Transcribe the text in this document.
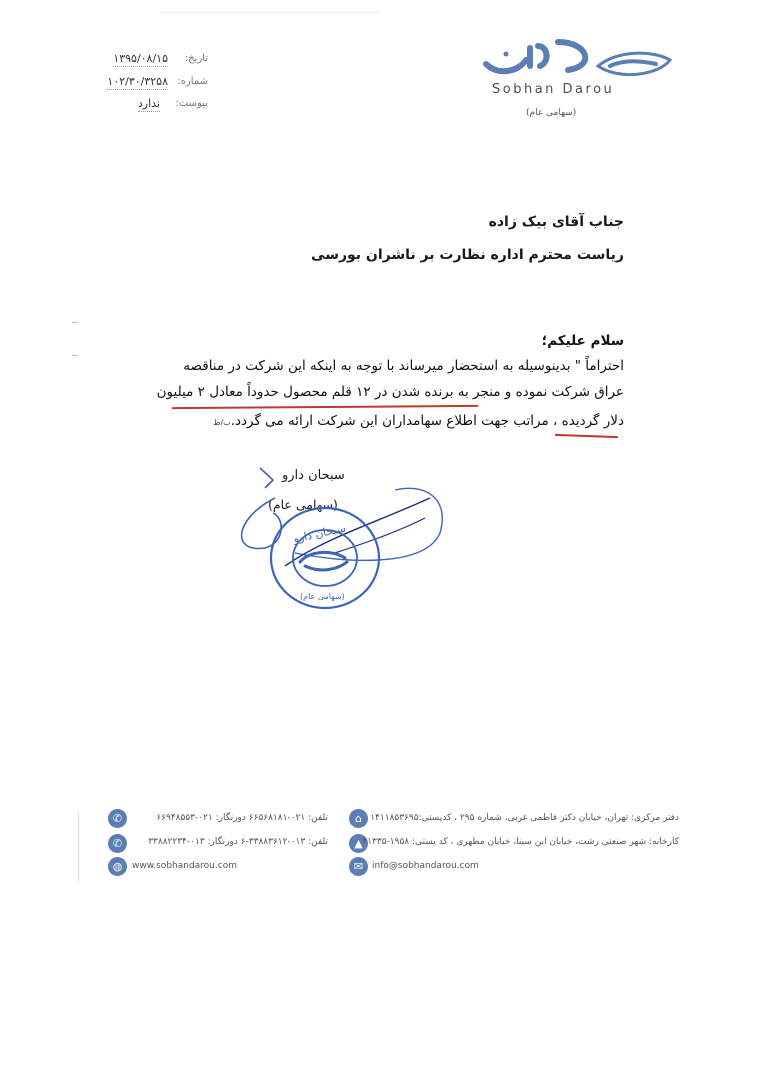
تاریخ:
۱۳۹۵/۰۸/۱۵
شماره:
۱۰۲/۳۰/۳۲۵۸
پیوست:
ندارد
Sobhan Darou
(سهامی عام)
جناب آقای بیک زاده
ریاست محترم اداره نظارت بر ناشران بورسی
سلام علیکم؛
احتراماً " بدینوسیله به استحضار میرساند با توجه به اینکه این شرکت در مناقصه
عراق شرکت نموده و منجر به برنده شدن در ۱۲ قلم محصول حدوداً معادل ۲ میلیون
دلار گردیده ، مراتب جهت اطلاع سهامداران این شرکت ارائه می گردد.ب/ط
سبحان دارو
(سهامی عام)
سبحان دارو
(سهامی عام)
⌂ دفتر مرکزی: تهران، خیابان دکتر فاطمی غربی، شماره ۲۹۵ ، کدپستی:۱۴۱۱۸۵۳۶۹۵
▲ کارخانه: شهر صنعتی رشت، خیابان ابن سینا، خیابان مطهری ، کد پستی: ۱۹۵۸-۴۱۳۳۵
✉ info@sobhandarou.com
✆	تلفن: ۰۲۱-۶۶۵۶۸۱۸۱ دورنگار: ۰۲۱-۶۶۹۴۸۵۵۳
✆	تلفن: ۰۱۳-۳۳۸۸۳۶۱۲-۶ دورنگار: ۰۱۳-۳۳۸۸۲۲۳۴
◍	www.sobhandarou.com
